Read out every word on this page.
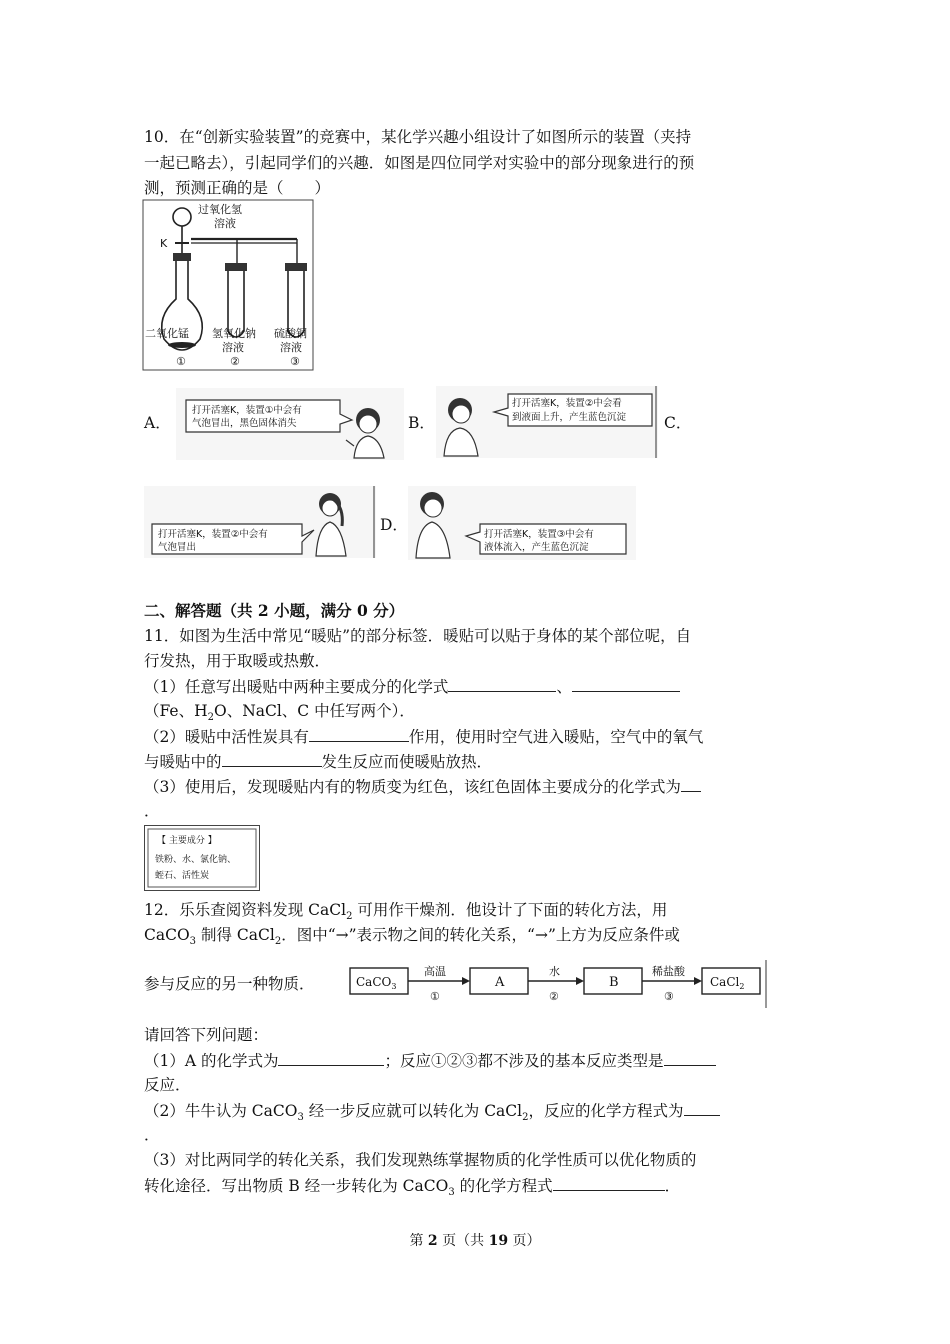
10．在“创新实验装置”的竞赛中，某化学兴趣小组设计了如图所示的装置（夹持
一起已略去），引起同学们的兴趣．如图是四位同学对实验中的部分现象进行的预
测，预测正确的是（　　）
过氧化氢
溶液
K
二氧化锰 氢氧化钠
溶液
硫酸铜
溶液
①	②	③
A．
打开活塞K，装置①中会有
气泡冒出，黑色固体消失	B．
打开活塞K，装置②中会看
到液面上升，产生蓝色沉淀 C．
打开活塞K，装置②中会有
气泡冒出
D．
打开活塞K，装置③中会有
液体流入，产生蓝色沉淀
二、解答题（共 2 小题，满分 0 分）
11．如图为生活中常见“暖贴”的部分标签．暖贴可以贴于身体的某个部位呢，自
行发热，用于取暖或热敷．
（1）任意写出暖贴中两种主要成分的化学式	、
（Fe、$H_2O$、NaCl、C 中任写两个）．
（2）暖贴中活性炭具有	作用，使用时空气进入暖贴，空气中的氧气
与暖贴中的	发生反应而使暖贴放热．
（3）使用后，发现暖贴内有的物质变为红色，该红色固体主要成分的化学式为
．
【 主要成分 】
铁粉、水、氯化钠、
蛭石、活性炭
12．乐乐查阅资料发现 CaCl$_2$ 可用作干燥剂．他设计了下面的转化方法，用
CaCO$_3$ 制得 CaCl$_2$．图中“→”表示物之间的转化关系，“→”上方为反应条件或
参与反应的另一种物质．	CaCO$_3$	A	B	CaCl$_2$
高温
①
水
②
稀盐酸
③
请回答下列问题：
（1）A 的化学式为	；反应①②③都不涉及的基本反应类型是
反应．
（2）牛牛认为 CaCO$_3$ 经一步反应就可以转化为 CaCl$_2$，反应的化学方程式为
．
（3）对比两同学的转化关系，我们发现熟练掌握物质的化学性质可以优化物质的
转化途径．写出物质 B 经一步转化为 CaCO$_3$ 的化学方程式	．
第 2 页（共 19 页）
